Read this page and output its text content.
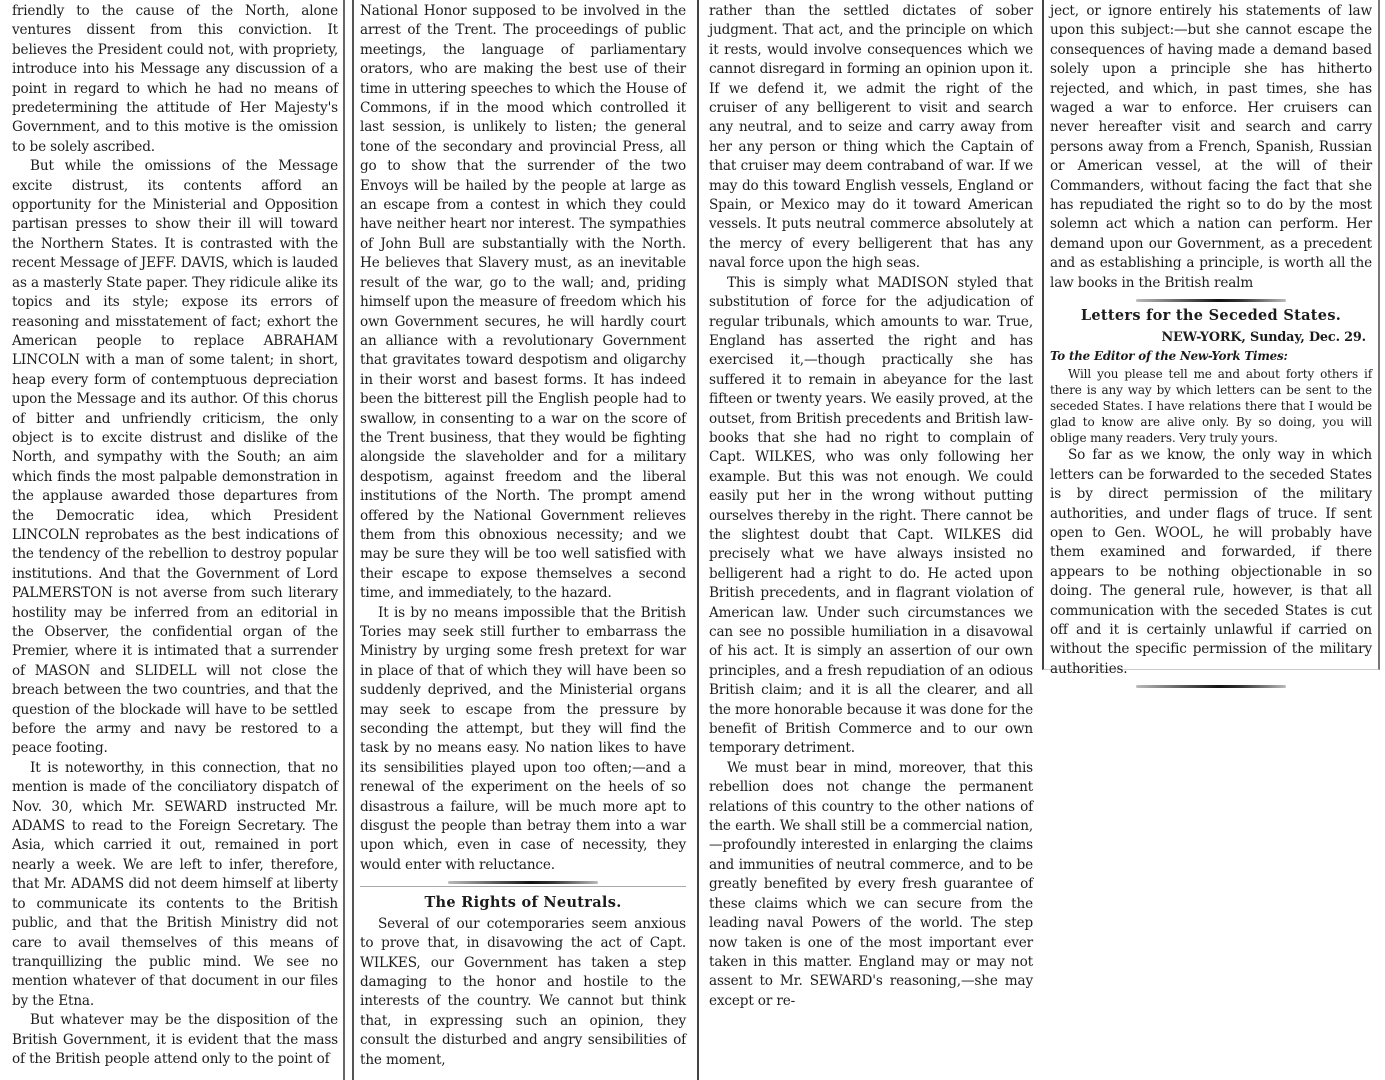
friendly to the cause of the North, alone ventures dissent from this conviction. It believes the President could not, with propriety, introduce into his Message any discussion of a point in regard to which he had no means of predetermining the attitude of Her Majesty's Government, and to this motive is the omission to be solely ascribed.

But while the omissions of the Message excite distrust, its contents afford an opportunity for the Ministerial and Opposition partisan presses to show their ill will toward the Northern States. It is contrasted with the recent Message of JEFF. DAVIS, which is lauded as a masterly State paper. They ridicule alike its topics and its style; expose its errors of reasoning and misstatement of fact; exhort the American people to replace ABRAHAM LINCOLN with a man of some talent; in short, heap every form of contemptuous depreciation upon the Message and its author. Of this chorus of bitter and unfriendly criticism, the only object is to excite distrust and dislike of the North, and sympathy with the South; an aim which finds the most palpable demonstration in the applause awarded those departures from the Democratic idea, which President LINCOLN reprobates as the best indications of the tendency of the rebellion to destroy popular institutions. And that the Government of Lord PALMERSTON is not averse from such literary hostility may be inferred from an editorial in the Observer, the confidential organ of the Premier, where it is intimated that a surrender of MASON and SLIDELL will not close the breach between the two countries, and that the question of the blockade will have to be settled before the army and navy be restored to a peace footing.

It is noteworthy, in this connection, that no mention is made of the conciliatory dispatch of Nov. 30, which Mr. SEWARD instructed Mr. ADAMS to read to the Foreign Secretary. The Asia, which carried it out, remained in port nearly a week. We are left to infer, therefore, that Mr. ADAMS did not deem himself at liberty to communicate its contents to the British public, and that the British Ministry did not care to avail themselves of this means of tranquillizing the public mind. We see no mention whatever of that document in our files by the Etna.

But whatever may be the disposition of the British Government, it is evident that the mass of the British people attend only to the point of

National Honor supposed to be involved in the arrest of the Trent. The proceedings of public meetings, the language of parliamentary orators, who are making the best use of their time in uttering speeches to which the House of Commons, if in the mood which controlled it last session, is unlikely to listen; the general tone of the secondary and provincial Press, all go to show that the surrender of the two Envoys will be hailed by the people at large as an escape from a contest in which they could have neither heart nor interest. The sympathies of John Bull are substantially with the North. He believes that Slavery must, as an inevitable result of the war, go to the wall; and, priding himself upon the measure of freedom which his own Government secures, he will hardly court an alliance with a revolutionary Government that gravitates toward despotism and oligarchy in their worst and basest forms. It has indeed been the bitterest pill the English people had to swallow, in consenting to a war on the score of the Trent business, that they would be fighting alongside the slaveholder and for a military despotism, against freedom and the liberal institutions of the North. The prompt amend offered by the National Government relieves them from this obnoxious necessity; and we may be sure they will be too well satisfied with their escape to expose themselves a second time, and immediately, to the hazard.

It is by no means impossible that the British Tories may seek still further to embarrass the Ministry by urging some fresh pretext for war in place of that of which they will have been so suddenly deprived, and the Ministerial organs may seek to escape from the pressure by seconding the attempt, but they will find the task by no means easy. No nation likes to have its sensibilities played upon too often;—and a renewal of the experiment on the heels of so disastrous a failure, will be much more apt to disgust the people than betray them into a war upon which, even in case of necessity, they would enter with reluctance.

The Rights of Neutrals.

Several of our cotemporaries seem anxious to prove that, in disavowing the act of Capt. WILKES, our Government has taken a step damaging to the honor and hostile to the interests of the country. We cannot but think that, in expressing such an opinion, they consult the disturbed and angry sensibilities of the moment,

rather than the settled dictates of sober judgment. That act, and the principle on which it rests, would involve consequences which we cannot disregard in forming an opinion upon it. If we defend it, we admit the right of the cruiser of any belligerent to visit and search any neutral, and to seize and carry away from her any person or thing which the Captain of that cruiser may deem contraband of war. If we may do this toward English vessels, England or Spain, or Mexico may do it toward American vessels. It puts neutral commerce absolutely at the mercy of every belligerent that has any naval force upon the high seas.

This is simply what MADISON styled that substitution of force for the adjudication of regular tribunals, which amounts to war. True, England has asserted the right and has exercised it,—though practically she has suffered it to remain in abeyance for the last fifteen or twenty years. We easily proved, at the outset, from British precedents and British law-books that she had no right to complain of Capt. WILKES, who was only following her example. But this was not enough. We could easily put her in the wrong without putting ourselves thereby in the right. There cannot be the slightest doubt that Capt. WILKES did precisely what we have always insisted no belligerent had a right to do. He acted upon British precedents, and in flagrant violation of American law. Under such circumstances we can see no possible humiliation in a disavowal of his act. It is simply an assertion of our own principles, and a fresh repudiation of an odious British claim; and it is all the clearer, and all the more honorable because it was done for the benefit of British Commerce and to our own temporary detriment.

We must bear in mind, moreover, that this rebellion does not change the permanent relations of this country to the other nations of the earth. We shall still be a commercial nation,—profoundly interested in enlarging the claims and immunities of neutral commerce, and to be greatly benefited by every fresh guarantee of these claims which we can secure from the leading naval Powers of the world. The step now taken is one of the most important ever taken in this matter. England may or may not assent to Mr. SEWARD's reasoning,—she may except or re-

ject, or ignore entirely his statements of law upon this subject:—but she cannot escape the consequences of having made a demand based solely upon a principle she has hitherto rejected, and which, in past times, she has waged a war to enforce. Her cruisers can never hereafter visit and search and carry persons away from a French, Spanish, Russian or American vessel, at the will of their Commanders, without facing the fact that she has repudiated the right so to do by the most solemn act which a nation can perform. Her demand upon our Government, as a precedent and as establishing a principle, is worth all the law books in the British realm

Letters for the Seceded States.
NEW-YORK, Sunday, Dec. 29.
To the Editor of the New-York Times:

Will you please tell me and about forty others if there is any way by which letters can be sent to the seceded States. I have relations there that I would be glad to know are alive only. By so doing, you will oblige many readers. Very truly yours.

So far as we know, the only way in which letters can be forwarded to the seceded States is by direct permission of the military authorities, and under flags of truce. If sent open to Gen. WOOL, he will probably have them examined and forwarded, if there appears to be nothing objectionable in so doing. The general rule, however, is that all communication with the seceded States is cut off and it is certainly unlawful if carried on without the specific permission of the military authorities.
